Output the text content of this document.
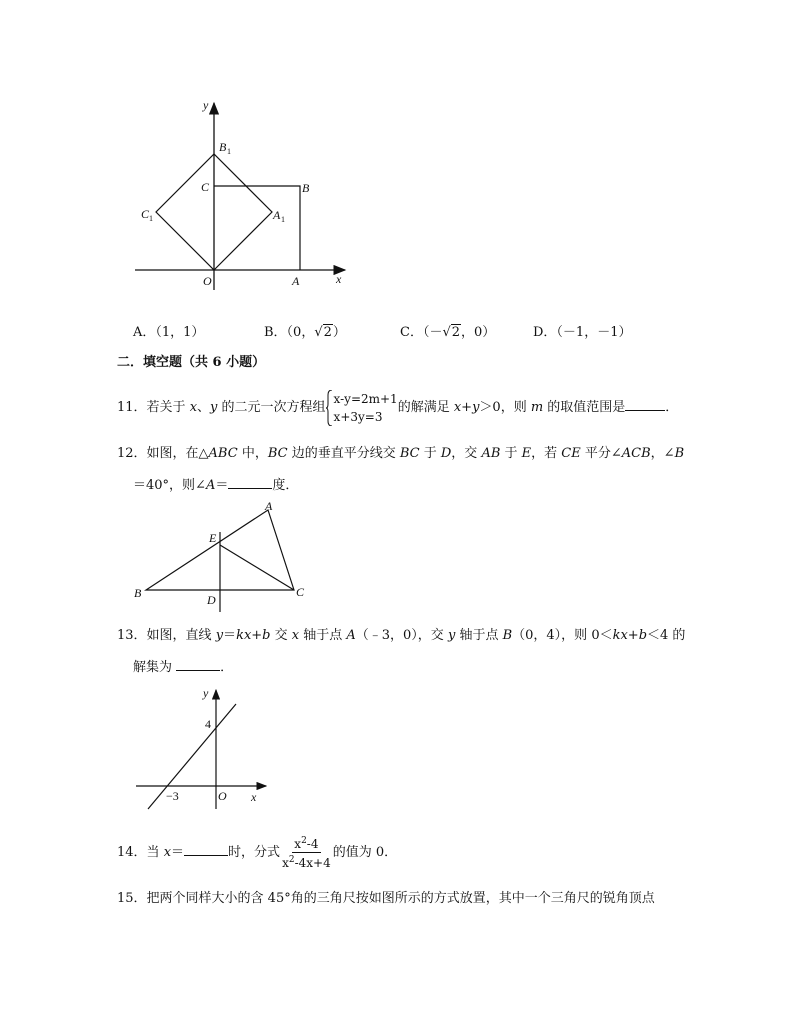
y
x
O	A
B
C
B 1
A 1
C 1
A．（1，1）	B．（0，√2）	C．（－√2，0）	D．（－1，－1）
二．填空题（共 6 小题）
11．若关于 x、y 的二元一次方程组
x-y=2m+1
x+3y=3
的解满足 x+y＞0，则 m 的取值范围是	．
12．如图，在△ABC 中，BC 边的垂直平分线交 BC 于 D，交 AB 于 E，若 CE 平分∠ACB，∠B
＝40°，则∠A＝	度．
A
E
B	D
C
13．如图，直线 y＝kx+b 交 x 轴于点 A（﹣3，0），交 y 轴于点 B（0，4），则 0＜kx+b＜4 的
解集为	．
y
x
O
4
−3
14．当 x＝	时，分式 $\frac{x^2-4}{x^2-4x+4}$ 的值为 0．
15．把两个同样大小的含 45°角的三角尺按如图所示的方式放置，其中一个三角尺的锐角顶点
